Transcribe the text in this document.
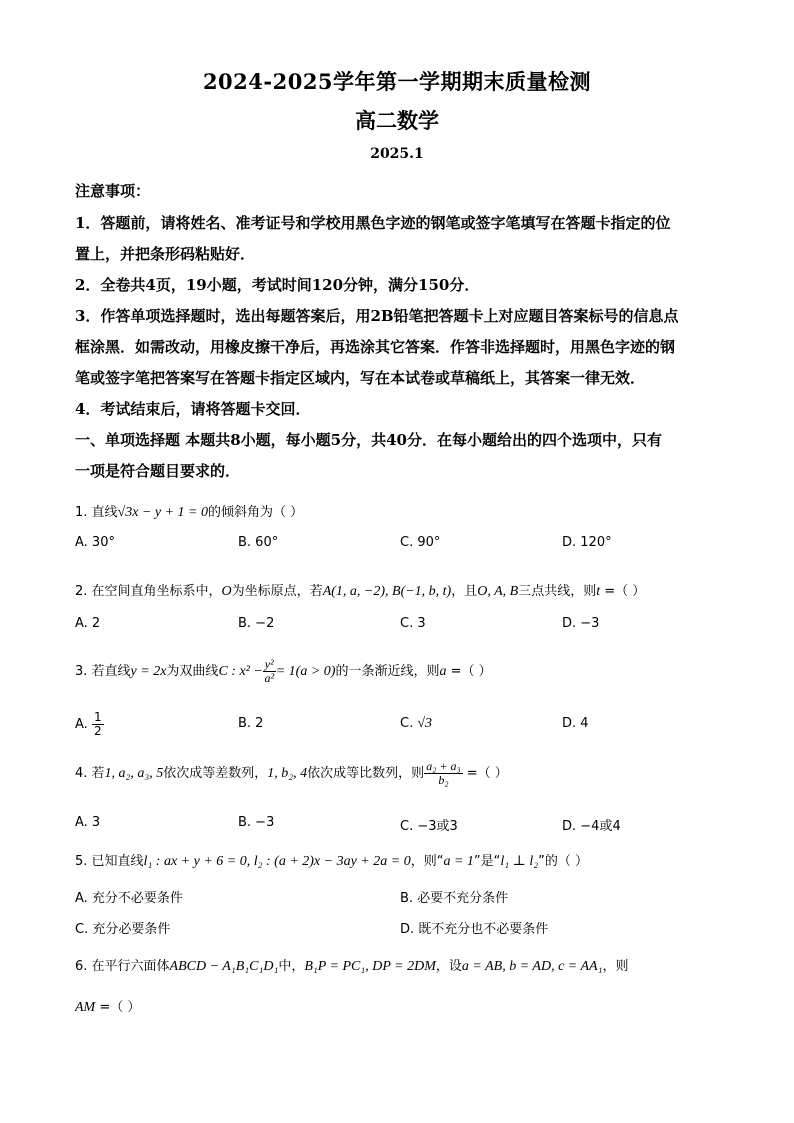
2024-2025学年第一学期期末质量检测
高二数学
2025.1
注意事项：
1．答题前，请将姓名、准考证号和学校用黑色字迹的钢笔或签字笔填写在答题卡指定的位
置上，并把条形码粘贴好．
2．全卷共4页，19小题，考试时间120分钟，满分150分．
3．作答单项选择题时，选出每题答案后，用2B铅笔把答题卡上对应题目答案标号的信息点
框涂黑．如需改动，用橡皮擦干净后，再选涂其它答案．作答非选择题时，用黑色字迹的钢
笔或签字笔把答案写在答题卡指定区域内，写在本试卷或草稿纸上，其答案一律无效．
4．考试结束后，请将答题卡交回．
一、单项选择题 本题共8小题，每小题5分，共40分．在每小题给出的四个选项中，只有
一项是符合题目要求的．
1. 直线√3x − y + 1 = 0的倾斜角为（ ）
A. 30°	B. 60°	C. 90°	D. 120°
2. 在空间直角坐标系中，O为坐标原点，若A(1, a, −2), B(−1, b, t)，且O, A, B三点共线，则t =（ ）
A. 2	B. −2	C. 3	D. −3
3. 若直线y = 2x为双曲线C : $x^2 - \frac{\text{y²}}{\text{a²}} = 1(a > 0)$的一条渐近线，则a =（ ）
A. $\frac{1}{2}$	B. 2	C. √3	D. 4
4. 若1, a₂, a₃, 5依次成等差数列，1, b₂, 4依次成等比数列，则 $\frac{\text{a₂ + a₃}}{\text{b₂}}$ =（ ）
A. 3	B. −3	C. −3或3	D. −4或4
5. 已知直线l₁ : ax + y + 6 = 0, l₂ : (a + 2)x − 3ay + 2a = 0，则“a = 1”是“l₁ ⊥ l₂”的（ ）
A. 充分不必要条件	B. 必要不充分条件
C. 充分必要条件	D. 既不充分也不必要条件
6. 在平行六面体ABCD − A₁B₁C₁D₁中，B₁P = PC₁, DP = 2DM，设a = AB, b = AD, c = AA₁，则
AM =（ ）
